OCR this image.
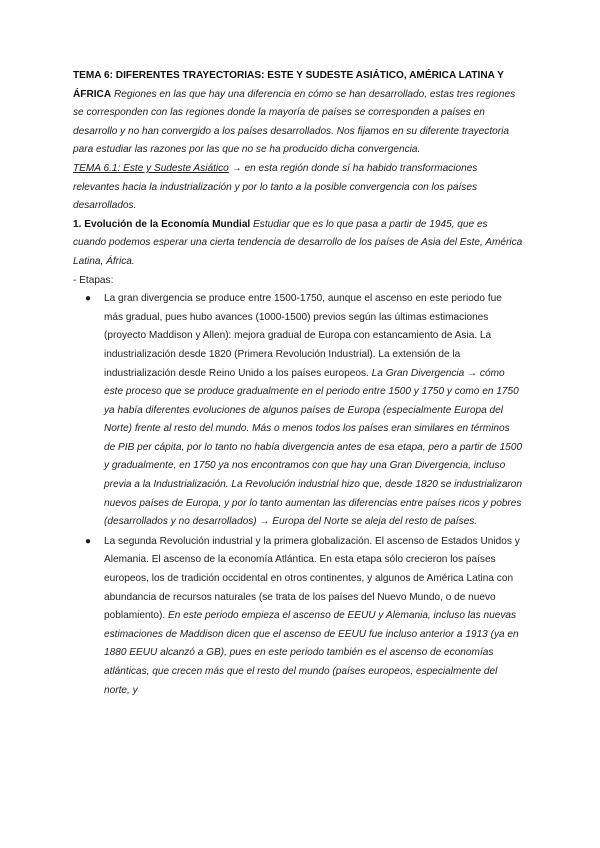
TEMA 6: DIFERENTES TRAYECTORIAS: ESTE Y SUDESTE ASIÁTICO, AMÉRICA LATINA Y ÁFRICA Regiones en las que hay una diferencia en cómo se han desarrollado, estas tres regiones se corresponden con las regiones donde la mayoría de países se corresponden a países en desarrollo y no han convergido a los países desarrollados. Nos fijamos en su diferente trayectoria para estudiar las razones por las que no se ha producido dicha convergencia.

TEMA 6.1: Este y Sudeste Asiático → en esta región donde sí ha habido transformaciones relevantes hacia la industrialización y por lo tanto a la posible convergencia con los países desarrollados.

1. Evolución de la Economía Mundial Estudiar que es lo que pasa a partir de 1945, que es cuando podemos esperar una cierta tendencia de desarrollo de los países de Asia del Este, América Latina, África.

- Etapas:

● La gran divergencia se produce entre 1500-1750, aunque el ascenso en este periodo fue más gradual, pues hubo avances (1000-1500) previos según las últimas estimaciones (proyecto Maddison y Allen): mejora gradual de Europa con estancamiento de Asia. La industrialización desde 1820 (Primera Revolución Industrial). La extensión de la industrialización desde Reino Unido a los países europeos. La Gran Divergencia → cómo este proceso que se produce gradualmente en el periodo entre 1500 y 1750 y como en 1750 ya había diferentes evoluciones de algunos países de Europa (especialmente Europa del Norte) frente al resto del mundo. Más o menos todos los países eran similares en términos de PIB per cápita, por lo tanto no había divergencia antes de esa etapa, pero a partir de 1500 y gradualmente, en 1750 ya nos encontramos con que hay una Gran Divergencia, incluso previa a la Industrialización. La Revolución industrial hizo que, desde 1820 se industrializaron nuevos países de Europa, y por lo tanto aumentan las diferencias entre países ricos y pobres (desarrollados y no desarrollados) → Europa del Norte se aleja del resto de países.
● La segunda Revolución industrial y la primera globalización. El ascenso de Estados Unidos y Alemania. El ascenso de la economía Atlántica. En esta etapa sólo crecieron los países europeos, los de tradición occidental en otros continentes, y algunos de América Latina con abundancia de recursos naturales (se trata de los países del Nuevo Mundo, o de nuevo poblamiento). En este periodo empieza el ascenso de EEUU y Alemania, incluso las nuevas estimaciones de Maddison dicen que el ascenso de EEUU fue incluso anterior a 1913 (ya en 1880 EEUU alcanzó a GB), pues en este periodo también es el ascenso de economías atlánticas, que crecen más que el resto del mundo (países europeos, especialmente del norte, y
